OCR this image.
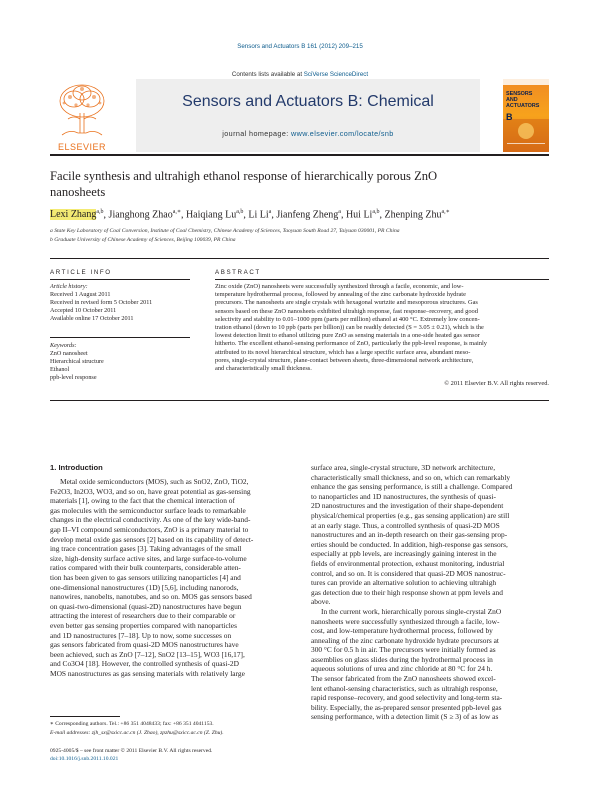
Sensors and Actuators B 161 (2012) 209–215
Contents lists available at SciVerse ScienceDirect
ELSEVIER
Sensors and Actuators B: Chemical
journal homepage: www.elsevier.com/locate/snb
SENSORS
AND
ACTUATORS
B
Facile synthesis and ultrahigh ethanol response of hierarchically porous ZnO
nanosheets
Lexi Zhang$^{a,b}$, Jianghong Zhao$^{a,∗}$, Haiqiang Lu$^{a,b}$, Li Li$^a$, Jianfeng Zheng$^a$, Hui Li$^{a,b}$, Zhenping Zhu$^{a,∗}$
a State Key Laboratory of Coal Conversion, Institute of Coal Chemistry, Chinese Academy of Sciences, Taoyuan South Road 27, Taiyuan 030001, PR China
b Graduate University of Chinese Academy of Sciences, Beijing 100039, PR China
ARTICLE INFO
Article history:
Received 1 August 2011
Received in revised form 5 October 2011
Accepted 10 October 2011
Available online 17 October 2011
Keywords:
ZnO nanosheet
Hierarchical structure
Ethanol
ppb-level response
ABSTRACT
Zinc oxide (ZnO) nanosheets were successfully synthesized through a facile, economic, and low-
temperature hydrothermal process, followed by annealing of the zinc carbonate hydroxide hydrate
precursors. The nanosheets are single crystals with hexagonal wurtzite and mesoporous structures. Gas
sensors based on these ZnO nanosheets exhibited ultrahigh response, fast response–recovery, and good
selectivity and stability to 0.01–1000 ppm (parts per million) ethanol at 400 °C. Extremely low concen-
tration ethanol (down to 10 ppb (parts per billion)) can be readily detected (S = 3.05 ± 0.21), which is the
lowest detection limit to ethanol utilizing pure ZnO as sensing materials in a one-side heated gas sensor
hitherto. The excellent ethanol-sensing performance of ZnO, particularly the ppb-level response, is mainly
attributed to its novel hierarchical structure, which has a large specific surface area, abundant meso-
pores, single-crystal structure, plane-contact between sheets, three-dimensional network architecture,
and characteristically small thickness.
© 2011 Elsevier B.V. All rights reserved.
1. Introduction
Metal oxide semiconductors (MOS), such as SnO2, ZnO, TiO2,
Fe2O3, In2O3, WO3, and so on, have great potential as gas-sensing
materials [1], owing to the fact that the chemical interaction of
gas molecules with the semiconductor surface leads to remarkable
changes in the electrical conductivity. As one of the key wide-band-
gap II–VI compound semiconductors, ZnO is a primary material to
develop metal oxide gas sensors [2] based on its capability of detect-
ing trace concentration gases [3]. Taking advantages of the small
size, high-density surface active sites, and large surface-to-volume
ratios compared with their bulk counterparts, considerable atten-
tion has been given to gas sensors utilizing nanoparticles [4] and
one-dimensional nanostructures (1D) [5,6], including nanorods,
nanowires, nanobelts, nanotubes, and so on. MOS gas sensors based
on quasi-two-dimensional (quasi-2D) nanostructures have begun
attracting the interest of researchers due to their comparable or
even better gas sensing properties compared with nanoparticles
and 1D nanostructures [7–18]. Up to now, some successes on
gas sensors fabricated from quasi-2D MOS nanostructures have
been achieved, such as ZnO [7–12], SnO2 [13–15], WO3 [16,17],
and Co3O4 [18]. However, the controlled synthesis of quasi-2D
MOS nanostructures as gas sensing materials with relatively large
surface area, single-crystal structure, 3D network architecture,
characteristically small thickness, and so on, which can remarkably
enhance the gas sensing performance, is still a challenge. Compared
to nanoparticles and 1D nanostructures, the synthesis of quasi-
2D nanostructures and the investigation of their shape-dependent
physical/chemical properties (e.g., gas sensing application) are still
at an early stage. Thus, a controlled synthesis of quasi-2D MOS
nanostructures and an in-depth research on their gas-sensing prop-
erties should be conducted. In addition, high-response gas sensors,
especially at ppb levels, are increasingly gaining interest in the
fields of environmental protection, exhaust monitoring, industrial
control, and so on. It is considered that quasi-2D MOS nanostruc-
tures can provide an alternative solution to achieving ultrahigh
gas detection due to their high response shown at ppm levels and
above.
In the current work, hierarchically porous single-crystal ZnO
nanosheets were successfully synthesized through a facile, low-
cost, and low-temperature hydrothermal process, followed by
annealing of the zinc carbonate hydroxide hydrate precursors at
300 °C for 0.5 h in air. The precursors were initially formed as
assemblies on glass slides during the hydrothermal process in
aqueous solutions of urea and zinc chloride at 80 °C for 24 h.
The sensor fabricated from the ZnO nanosheets showed excel-
lent ethanol-sensing characteristics, such as ultrahigh response,
rapid response–recovery, and good selectivity and long-term sta-
bility. Especially, the as-prepared sensor presented ppb-level gas
sensing performance, with a detection limit (S ≥ 3) of as low as
∗ Corresponding authors. Tel.: +86 351 4048433; fax: +86 351 4041153.
E-mail addresses: zjh_sx@sxicc.ac.cn (J. Zhao), zpzhu@sxicc.ac.cn (Z. Zhu).
0925-4005/$ – see front matter © 2011 Elsevier B.V. All rights reserved.
doi:10.1016/j.snb.2011.10.021
